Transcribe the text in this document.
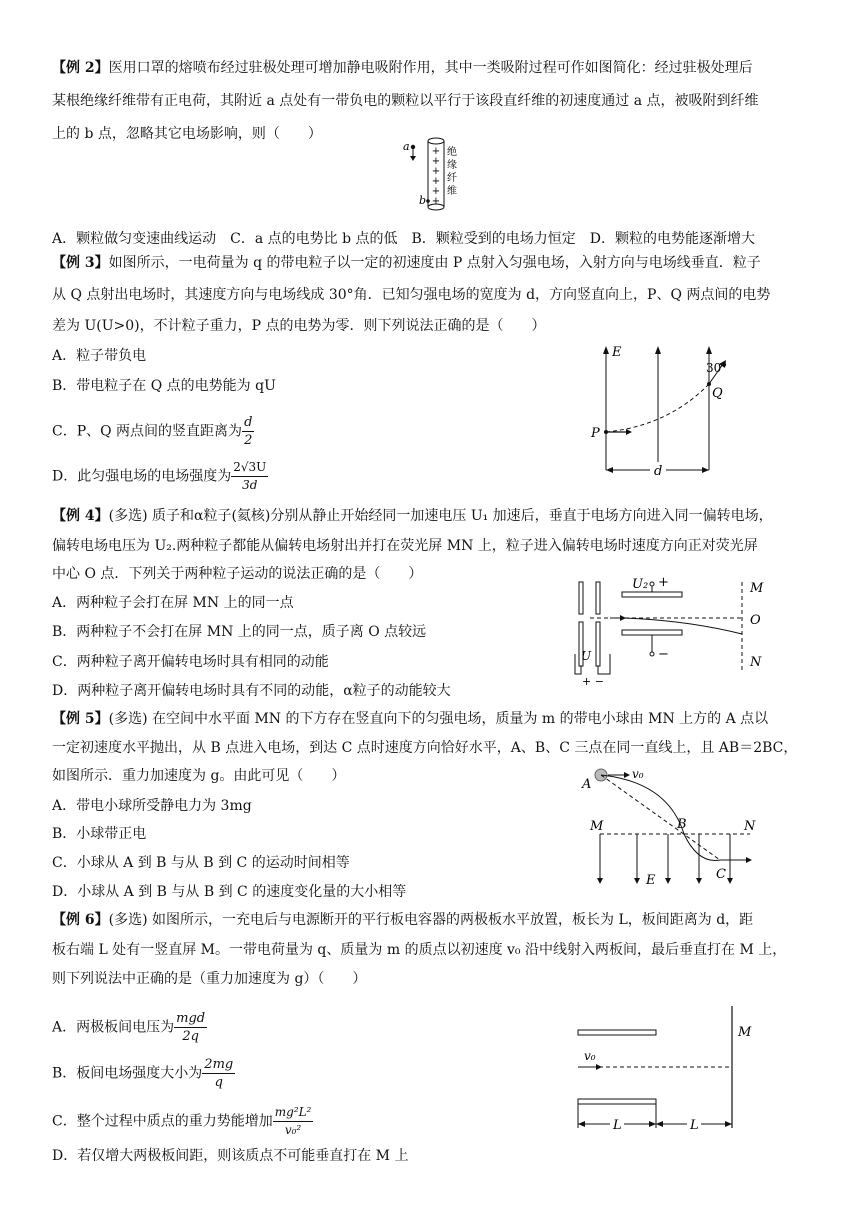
【例 2】医用口罩的熔喷布经过驻极处理可增加静电吸附作用，其中一类吸附过程可作如图简化：经过驻极处理后
某根绝缘纤维带有正电荷，其附近 a 点处有一带负电的颗粒以平行于该段直纤维的初速度通过 a 点，被吸附到纤维
上的 b 点，忽略其它电场影响，则（　　）
a +
+
+
+
+
+
绝
缘
纤
维
b
A．颗粒做匀变速曲线运动　C．a 点的电势比 b 点的低　B．颗粒受到的电场力恒定　D．颗粒的电势能逐渐增大
【例 3】如图所示，一电荷量为 q 的带电粒子以一定的初速度由 P 点射入匀强电场，入射方向与电场线垂直．粒子
从 Q 点射出电场时，其速度方向与电场线成 30°角．已知匀强电场的宽度为 d，方向竖直向上，P、Q 两点间的电势
差为 U(U>0)，不计粒子重力，P 点的电势为零．则下列说法正确的是（　　）
A．粒子带负电
B．带电粒子在 Q 点的电势能为 qU
C．P、Q 两点间的竖直距离为 $\frac{d}{2}$
D．此匀强电场的电场强度为 $\frac{2√3U}{3d}$
E
30°
Q
P
d
【例 4】(多选) 质子和α粒子(氦核)分别从静止开始经同一加速电压 U₁ 加速后，垂直于电场方向进入同一偏转电场，
偏转电场电压为 U₂.两种粒子都能从偏转电场射出并打在荧光屏 MN 上，粒子进入偏转电场时速度方向正对荧光屏
中心 O 点．下列关于两种粒子运动的说法正确的是（　　）
A．两种粒子会打在屏 MN 上的同一点
B．两种粒子不会打在屏 MN 上的同一点，质子离 O 点较远
C．两种粒子离开偏转电场时具有相同的动能
D．两种粒子离开偏转电场时具有不同的动能，α粒子的动能较大
U
+ −
U₂ +
−
M
O
N
【例 5】(多选) 在空间中水平面 MN 的下方存在竖直向下的匀强电场，质量为 m 的带电小球由 MN 上方的 A 点以
一定初速度水平抛出，从 B 点进入电场，到达 C 点时速度方向恰好水平，A、B、C 三点在同一直线上，且 AB＝2BC，
如图所示．重力加速度为 g。由此可见（　　）
A．带电小球所受静电力为 3mg
B．小球带正电
C．小球从 A 到 B 与从 B 到 C 的运动时间相等
D．小球从 A 到 B 与从 B 到 C 的速度变化量的大小相等
v₀
A
M	N
B
C
E
【例 6】(多选) 如图所示，一充电后与电源断开的平行板电容器的两极板水平放置，板长为 L，板间距离为 d，距
板右端 L 处有一竖直屏 M。一带电荷量为 q、质量为 m 的质点以初速度 v₀ 沿中线射入两板间，最后垂直打在 M 上，
则下列说法中正确的是（重力加速度为 g）（　　）
A．两极板间电压为
mgd
2q
B．板间电场强度大小为 $\frac{2mg}{q}$
C．整个过程中质点的重力势能增加 $\frac{\text{mg²L²}}{\text{v₀²}}$
D．若仅增大两极板间距，则该质点不可能垂直打在 M 上
v₀
M
L	L
